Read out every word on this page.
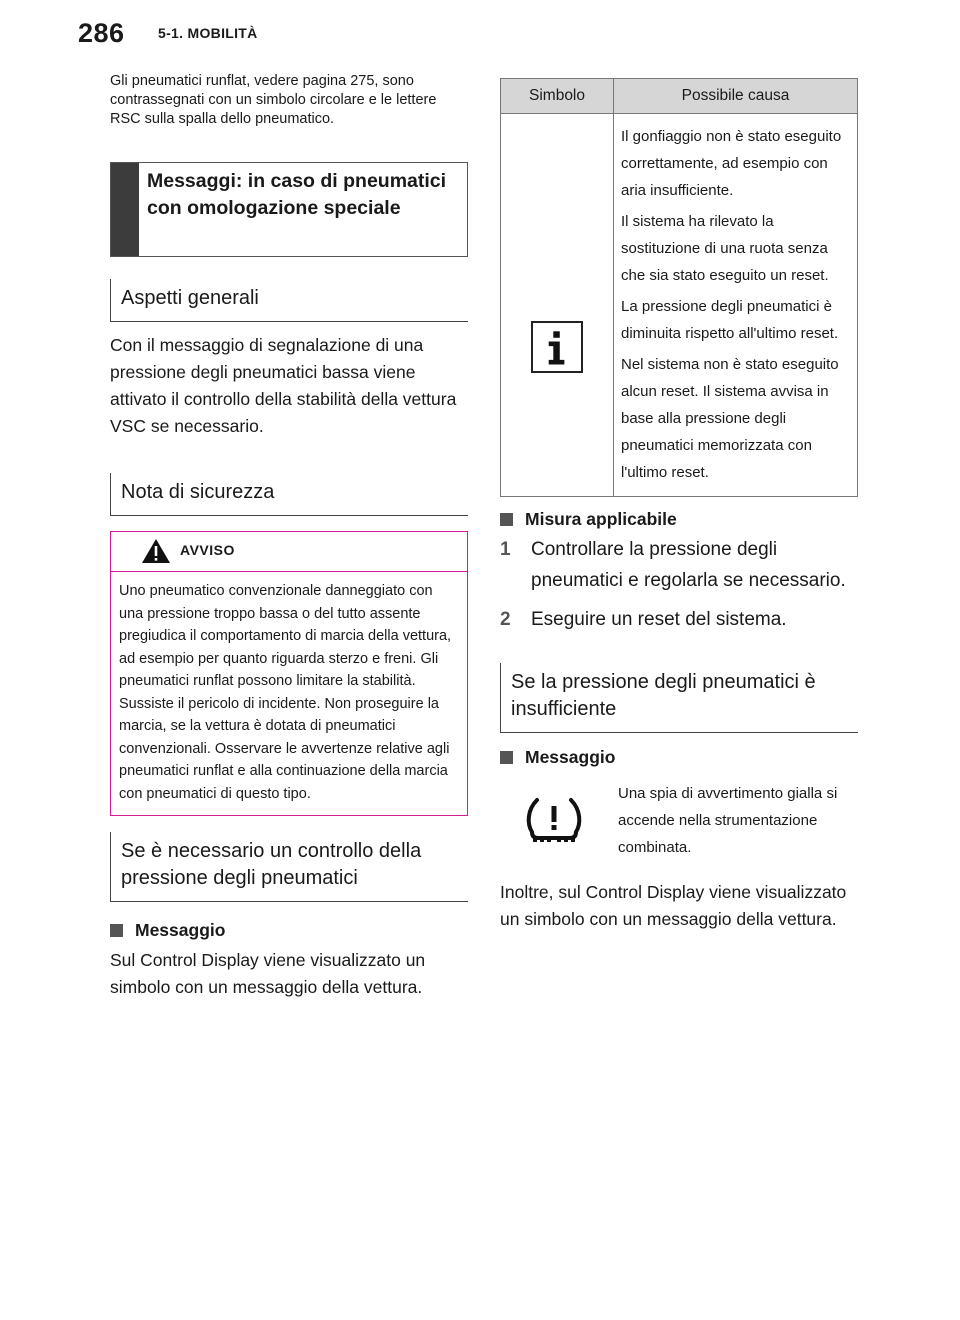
286 5-1. MOBILITÀ

Gli pneumatici runflat, vedere pagina 275, sono contrassegnati con un simbolo circolare e le lettere RSC sulla spalla dello pneumatico.

Messaggi: in caso di pneumatici con omologazione speciale
Aspetti generali

Con il messaggio di segnalazione di una pressione degli pneumatici bassa viene attivato il controllo della stabilità della vettura VSC se necessario.

Nota di sicurezza
AVVISO

Uno pneumatico convenzionale danneggiato con una pressione troppo bassa o del tutto assente pregiudica il comportamento di marcia della vettura, ad esempio per quanto riguarda sterzo e freni. Gli pneumatici runflat possono limitare la stabilità. Sussiste il pericolo di incidente. Non proseguire la marcia, se la vettura è dotata di pneumatici convenzionali. Osservare le avvertenze relative agli pneumatici runflat e alla continuazione della marcia con pneumatici di questo tipo.

Se è necessario un controllo della pressione degli pneumatici
Messaggio

Sul Control Display viene visualizzato un simbolo con un messaggio della vettura.

Simbolo	Possibile causa

Il gonfiaggio non è stato eseguito correttamente, ad esempio con aria insufficiente.

Il sistema ha rilevato la sostituzione di una ruota senza che sia stato eseguito un reset.

La pressione degli pneumatici è diminuita rispetto all'ultimo reset.

Nel sistema non è stato eseguito alcun reset. Il sistema avvisa in base alla pressione degli pneumatici memorizzata con l'ultimo reset.

Misura applicabile
1	Controllare la pressione degli pneumatici e regolarla se necessario.
2	Eseguire un reset del sistema.
Se la pressione degli pneumatici è insufficiente
Messaggio

Una spia di avvertimento gialla si accende nella strumentazione combinata.

Inoltre, sul Control Display viene visualizzato un simbolo con un messaggio della vettura.
